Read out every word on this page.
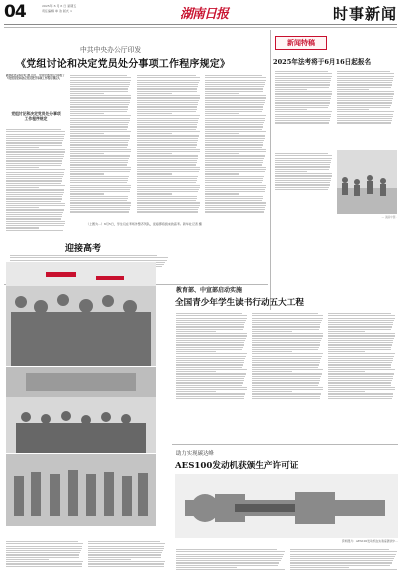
04	2025年 6 月 6 日 星期五
责任编辑 单 冶 版式 ×	湖南日报	时事新闻
中共中央办公厅印发
《党组讨论和决定党员处分事项工作程序规定》
新闻特稿
新华社北京6月5日电 近日，中共中央办公厅印发了《党组讨论和决定党员处分事项工作程序规定》。
党组讨论和决定党员处分事项工作程序规定
2025年法考将于6月16日起报名
— 美丽中国 ·
（上图为…）6月5日，学生们在考场外整齐列队，迎接即将到来的高考。新华社记者 摄
迎接高考
教育部、中宣部启动实施
全国青少年学生读书行动五大工程
助力实现碳达峰
AES100发动机获颁生产许可证
资料图片：AES100发动机在实验室测试中…
